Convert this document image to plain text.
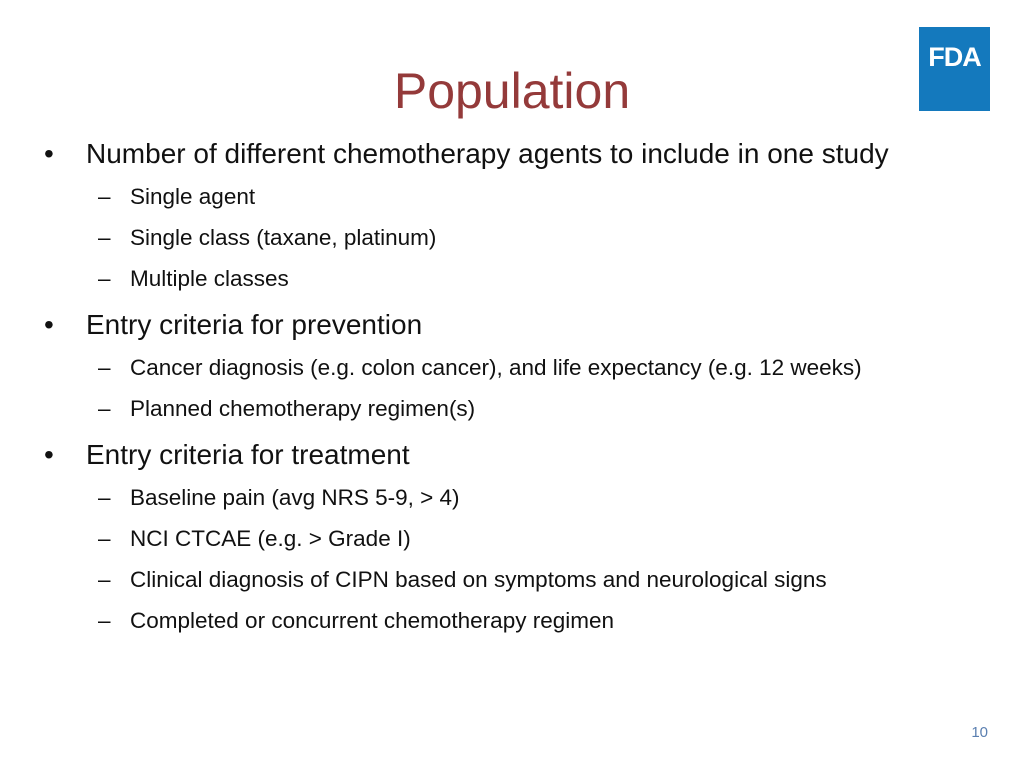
Population
FDA
• Number of different chemotherapy agents to include in one study
– Single agent
– Single class (taxane, platinum)
– Multiple classes
• Entry criteria for prevention
– Cancer diagnosis (e.g. colon cancer), and life expectancy (e.g. 12 weeks)
– Planned chemotherapy regimen(s)
• Entry criteria for treatment
– Baseline pain (avg NRS 5-9, > 4)
– NCI CTCAE (e.g. > Grade I)
– Clinical diagnosis of CIPN based on symptoms and neurological signs
– Completed or concurrent chemotherapy regimen
10
